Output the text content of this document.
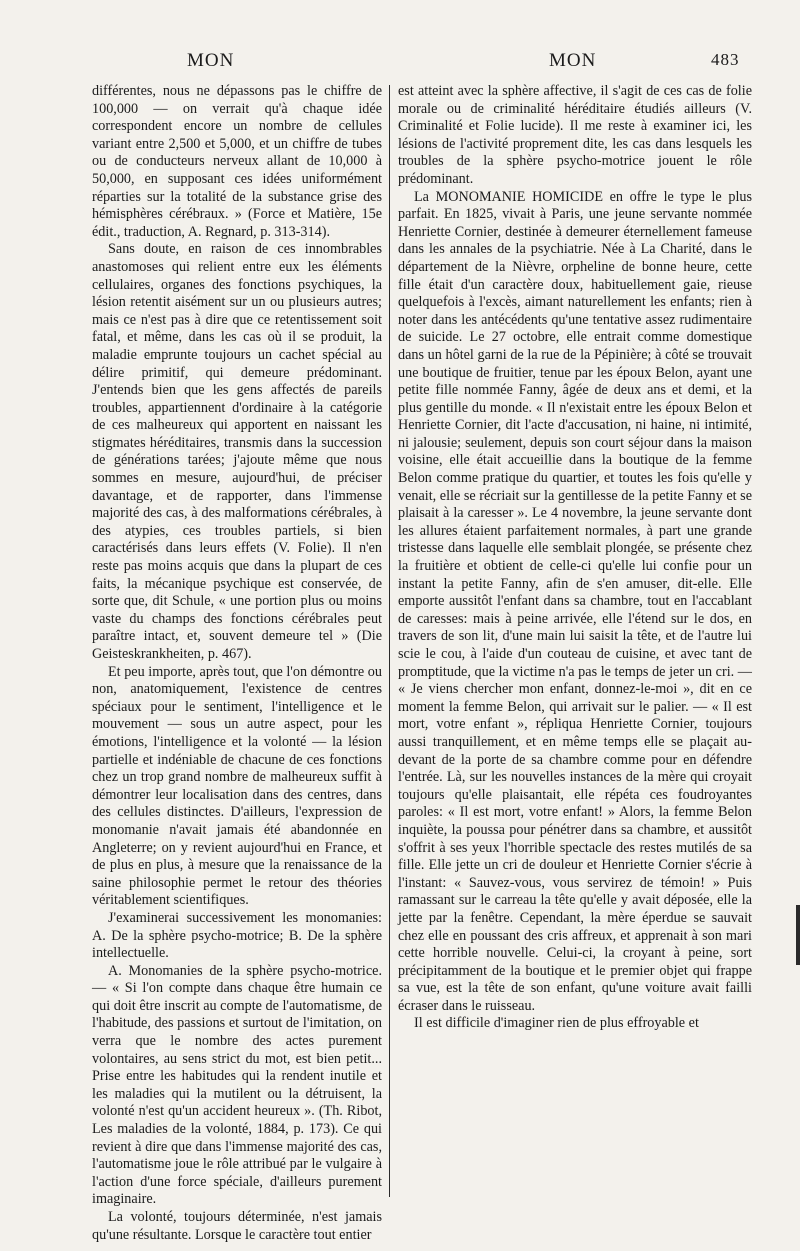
MON	MON	483

différentes, nous ne dépassons pas le chiffre de 100,000 — on verrait qu'à chaque idée correspondent encore un nombre de cellules variant entre 2,500 et 5,000, et un chiffre de tubes ou de conducteurs nerveux allant de 10,000 à 50,000, en supposant ces idées uniformément réparties sur la totalité de la substance grise des hémisphères cérébraux. » (Force et Matière, 15e édit., traduction, A. Regnard, p. 313-314).

Sans doute, en raison de ces innombrables anastomoses qui relient entre eux les éléments cellulaires, organes des fonctions psychiques, la lésion retentit aisément sur un ou plusieurs autres; mais ce n'est pas à dire que ce retentissement soit fatal, et même, dans les cas où il se produit, la maladie emprunte toujours un cachet spécial au délire primitif, qui demeure prédominant. J'entends bien que les gens affectés de pareils troubles, appartiennent d'ordinaire à la catégorie de ces malheureux qui apportent en naissant les stigmates héréditaires, transmis dans la succession de générations tarées; j'ajoute même que nous sommes en mesure, aujourd'hui, de préciser davantage, et de rapporter, dans l'immense majorité des cas, à des malformations cérébrales, à des atypies, ces troubles partiels, si bien caractérisés dans leurs effets (V. Folie). Il n'en reste pas moins acquis que dans la plupart de ces faits, la mécanique psychique est conservée, de sorte que, dit Schule, « une portion plus ou moins vaste du champs des fonctions cérébrales peut paraître intact, et, souvent demeure tel » (Die Geisteskrankheiten, p. 467).

Et peu importe, après tout, que l'on démontre ou non, anatomiquement, l'existence de centres spéciaux pour le sentiment, l'intelligence et le mouvement — sous un autre aspect, pour les émotions, l'intelligence et la volonté — la lésion partielle et indéniable de chacune de ces fonctions chez un trop grand nombre de malheureux suffit à démontrer leur localisation dans des centres, dans des cellules distinctes. D'ailleurs, l'expression de monomanie n'avait jamais été abandonnée en Angleterre; on y revient aujourd'hui en France, et de plus en plus, à mesure que la renaissance de la saine philosophie permet le retour des théories véritablement scientifiques.

J'examinerai successivement les monomanies: A. De la sphère psycho-motrice; B. De la sphère intellectuelle.

A. Monomanies de la sphère psycho-motrice. — « Si l'on compte dans chaque être humain ce qui doit être inscrit au compte de l'automatisme, de l'habitude, des passions et surtout de l'imitation, on verra que le nombre des actes purement volontaires, au sens strict du mot, est bien petit... Prise entre les habitudes qui la rendent inutile et les maladies qui la mutilent ou la détruisent, la volonté n'est qu'un accident heureux ». (Th. Ribot, Les maladies de la volonté, 1884, p. 173). Ce qui revient à dire que dans l'immense majorité des cas, l'automatisme joue le rôle attribué par le vulgaire à l'action d'une force spéciale, d'ailleurs purement imaginaire.

La volonté, toujours déterminée, n'est jamais qu'une résultante. Lorsque le caractère tout entier

est atteint avec la sphère affective, il s'agit de ces cas de folie morale ou de criminalité héréditaire étudiés ailleurs (V. Criminalité et Folie lucide). Il me reste à examiner ici, les lésions de l'activité proprement dite, les cas dans lesquels les troubles de la sphère psycho-motrice jouent le rôle prédominant.

La MONOMANIE HOMICIDE en offre le type le plus parfait. En 1825, vivait à Paris, une jeune servante nommée Henriette Cornier, destinée à demeurer éternellement fameuse dans les annales de la psychiatrie. Née à La Charité, dans le département de la Nièvre, orpheline de bonne heure, cette fille était d'un caractère doux, habituellement gaie, rieuse quelquefois à l'excès, aimant naturellement les enfants; rien à noter dans les antécédents qu'une tentative assez rudimentaire de suicide. Le 27 octobre, elle entrait comme domestique dans un hôtel garni de la rue de la Pépinière; à côté se trouvait une boutique de fruitier, tenue par les époux Belon, ayant une petite fille nommée Fanny, âgée de deux ans et demi, et la plus gentille du monde. « Il n'existait entre les époux Belon et Henriette Cornier, dit l'acte d'accusation, ni haine, ni intimité, ni jalousie; seulement, depuis son court séjour dans la maison voisine, elle était accueillie dans la boutique de la femme Belon comme pratique du quartier, et toutes les fois qu'elle y venait, elle se récriait sur la gentillesse de la petite Fanny et se plaisait à la caresser ». Le 4 novembre, la jeune servante dont les allures étaient parfaitement normales, à part une grande tristesse dans laquelle elle semblait plongée, se présente chez la fruitière et obtient de celle-ci qu'elle lui confie pour un instant la petite Fanny, afin de s'en amuser, dit-elle. Elle emporte aussitôt l'enfant dans sa chambre, tout en l'accablant de caresses: mais à peine arrivée, elle l'étend sur le dos, en travers de son lit, d'une main lui saisit la tête, et de l'autre lui scie le cou, à l'aide d'un couteau de cuisine, et avec tant de promptitude, que la victime n'a pas le temps de jeter un cri. — « Je viens chercher mon enfant, donnez-le-moi », dit en ce moment la femme Belon, qui arrivait sur le palier. — « Il est mort, votre enfant », répliqua Henriette Cornier, toujours aussi tranquillement, et en même temps elle se plaçait au-devant de la porte de sa chambre comme pour en défendre l'entrée. Là, sur les nouvelles instances de la mère qui croyait toujours qu'elle plaisantait, elle répéta ces foudroyantes paroles: « Il est mort, votre enfant! » Alors, la femme Belon inquiète, la poussa pour pénétrer dans sa chambre, et aussitôt s'offrit à ses yeux l'horrible spectacle des restes mutilés de sa fille. Elle jette un cri de douleur et Henriette Cornier s'écrie à l'instant: « Sauvez-vous, vous servirez de témoin! » Puis ramassant sur le carreau la tête qu'elle y avait déposée, elle la jette par la fenêtre. Cependant, la mère éperdue se sauvait chez elle en poussant des cris affreux, et apprenait à son mari cette horrible nouvelle. Celui-ci, la croyant à peine, sort précipitamment de la boutique et le premier objet qui frappe sa vue, est la tête de son enfant, qu'une voiture avait failli écraser dans le ruisseau.

Il est difficile d'imaginer rien de plus effroyable et
